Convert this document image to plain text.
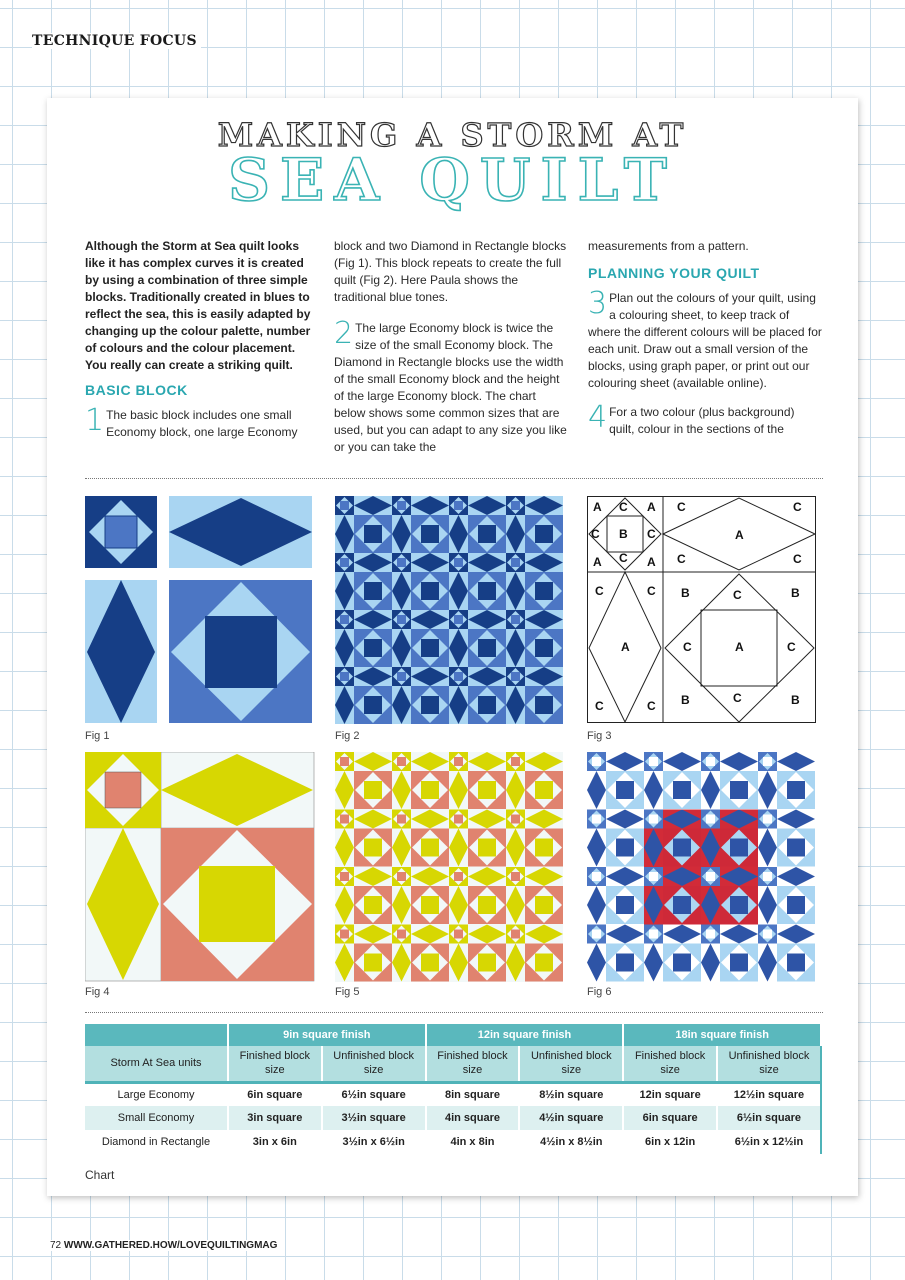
TECHNIQUE FOCUS
MAKING A STORM AT
SEA QUILT

Although the Storm at Sea quilt looks like it has complex curves it is created by using a combination of three simple blocks. Traditionally created in blues to reflect the sea, this is easily adapted by changing up the colour palette, number of colours and the colour placement. You really can create a striking quilt.

BASIC BLOCK

1 The basic block includes one small Economy block, one large Economy

block and two Diamond in Rectangle blocks (Fig 1). This block repeats to create the full quilt (Fig 2). Here Paula shows the traditional blue tones.

2 The large Economy block is twice the size of the small Economy block. The Diamond in Rectangle blocks use the width of the small Economy block and the height of the large Economy block. The chart below shows some common sizes that are used, but you can adapt to any size you like or you can take the

measurements from a pattern.

PLANNING YOUR QUILT

3 Plan out the colours of your quilt, using a colouring sheet, to keep track of where the different colours will be placed for each unit. Draw out a small version of the blocks, using graph paper, or print out our colouring sheet (available online).

4 For a two colour (plus background) quilt, colour in the sections of the

Fig 1	Fig 2
A C A
C B C
A C A
C	C
A
C	C
C	C
A
C	C
B	C	B
C	A	C
B	C	B
Fig 3
Fig 4	Fig 5	Fig 6
	9in square finish		12in square finish		18in square finish	
Storm At Sea units	Finished block size	Unfinished block size	Finished block size	Unfinished block size	Finished block size	Unfinished block size
Large Economy	6in square	6½in square	8in square	8½in square	12in square	12½in square
Small Economy	3in square	3½in square	4in square	4½in square	6in square	6½in square
Diamond in Rectangle	3in x 6in	3½in x 6½in	4in x 8in	4½in x 8½in	6in x 12in	6½in x 12½in
Chart
72 WWW.GATHERED.HOW/LOVEQUILTINGMAG
